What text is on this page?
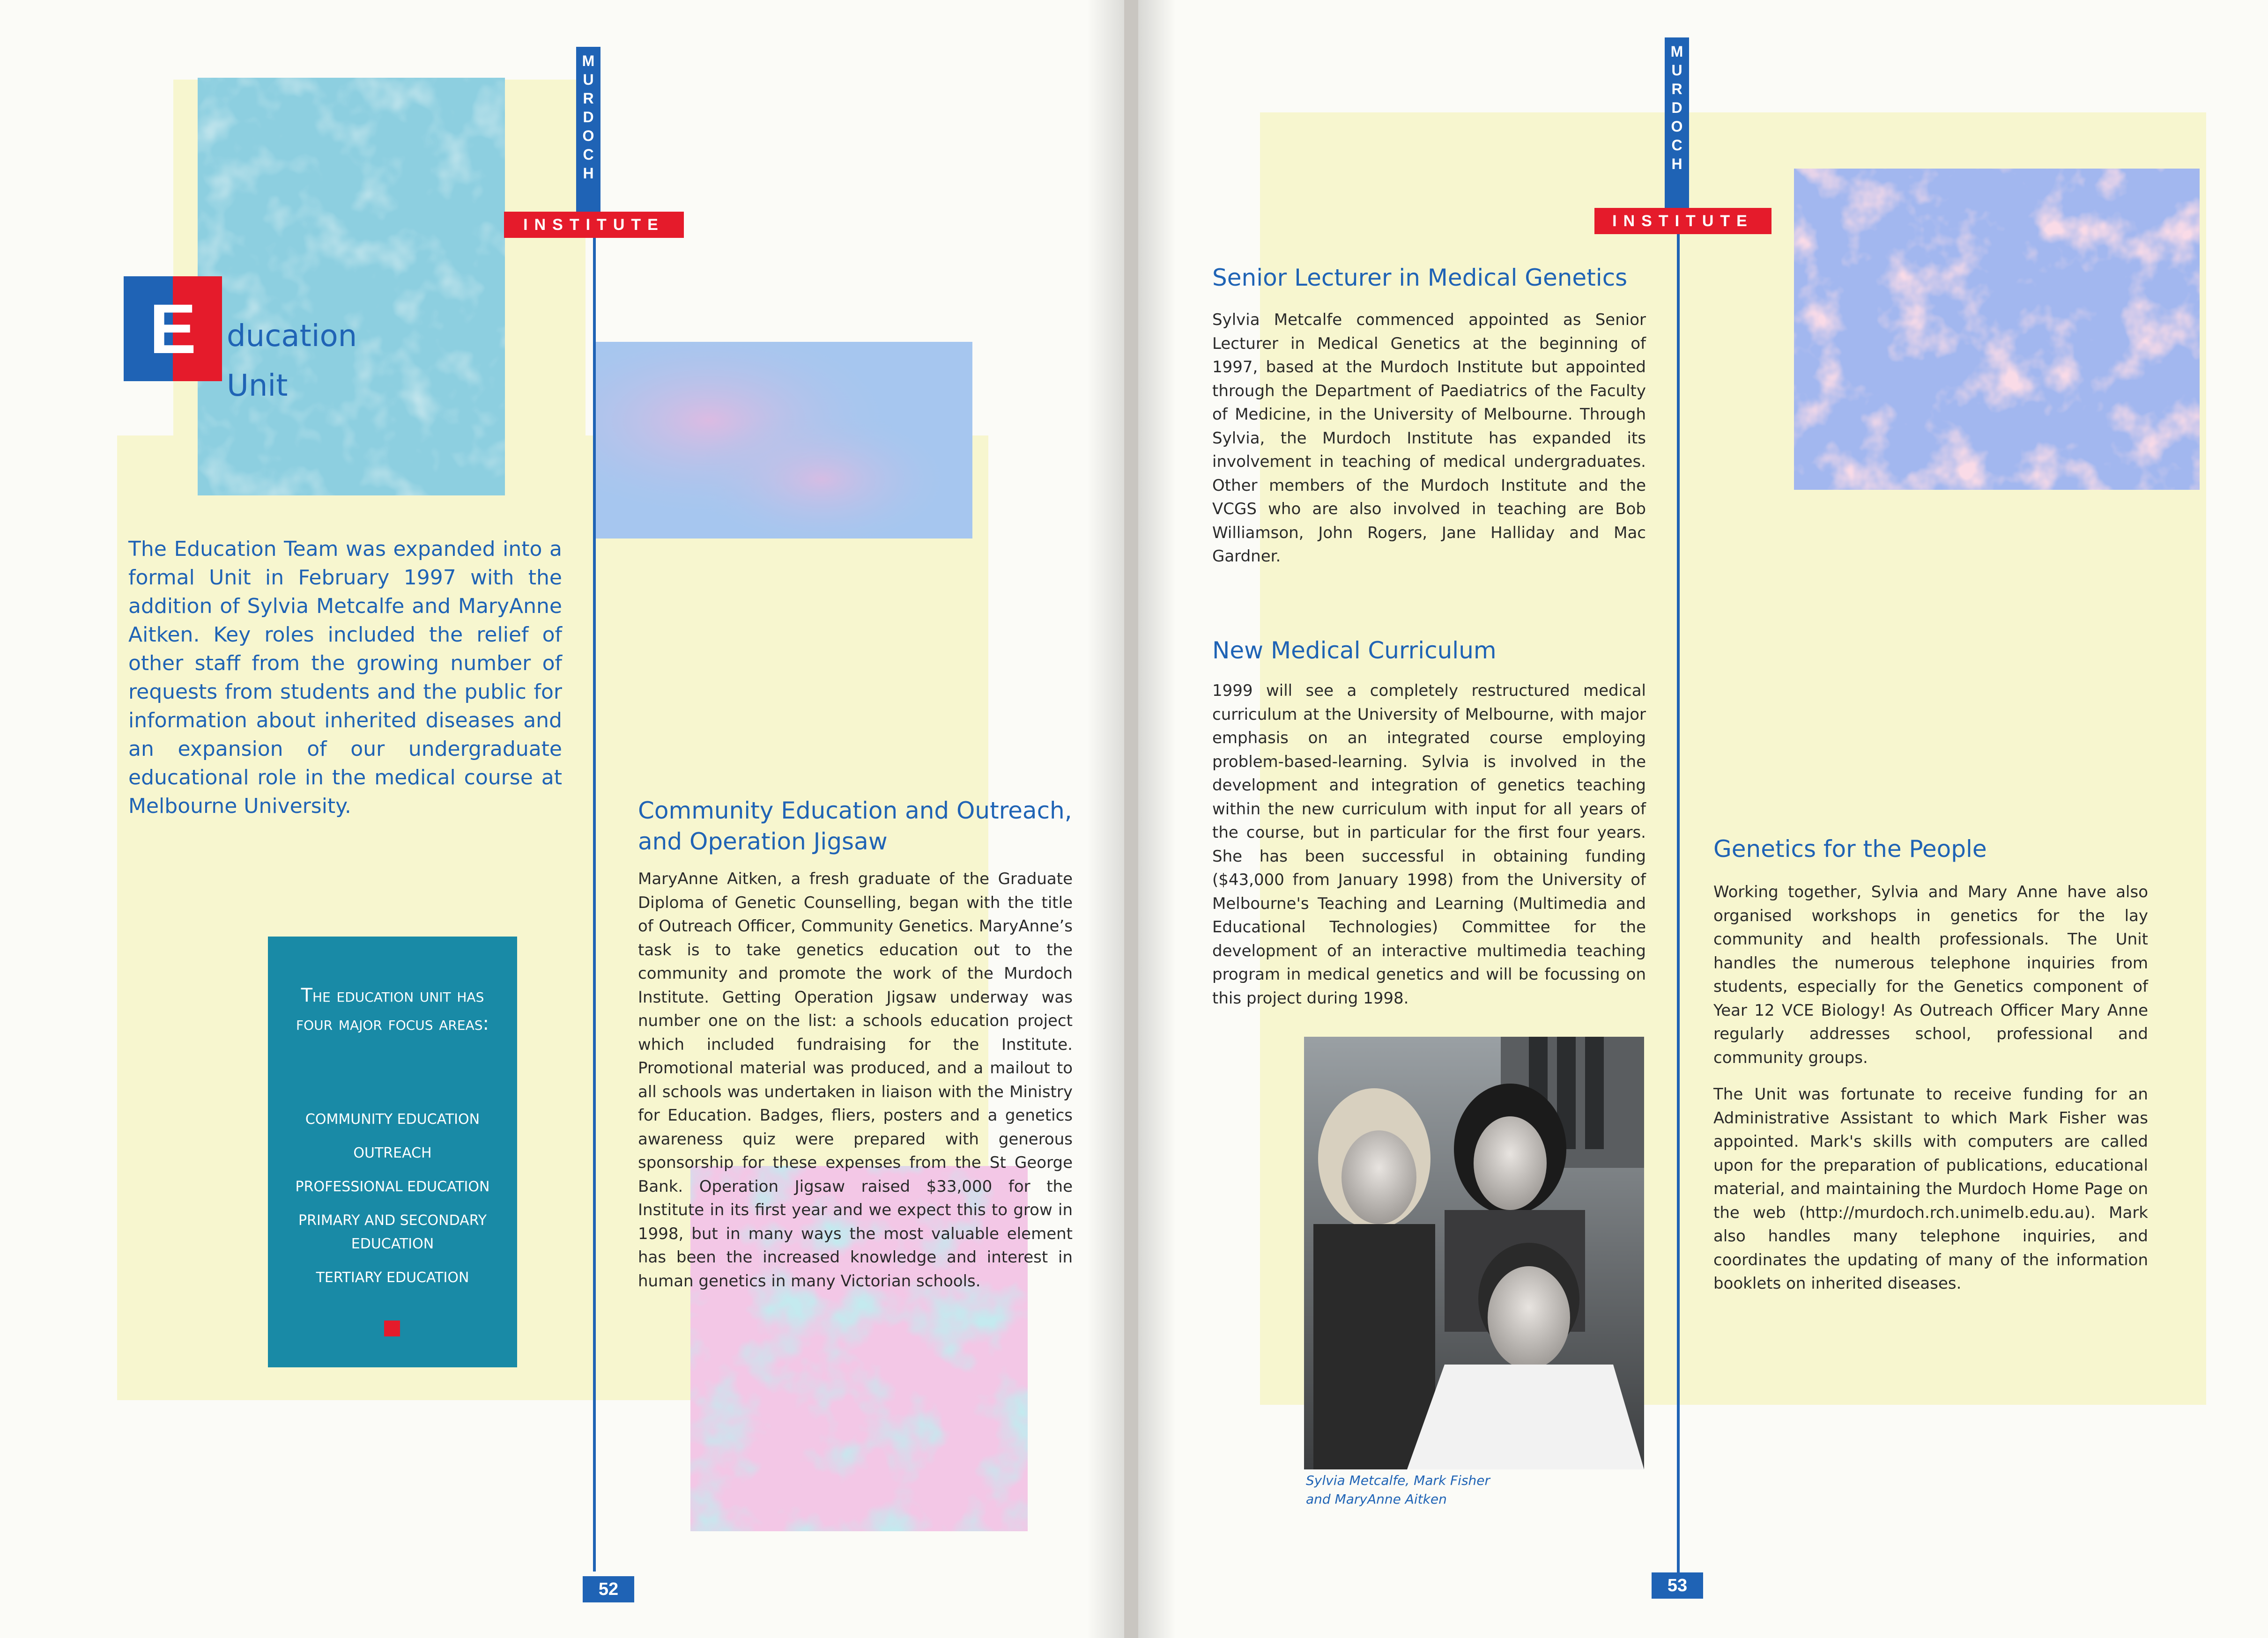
E	ducation
Unit
The Education Team was expanded into a formal Unit in February 1997 with the addition of Sylvia Metcalfe and MaryAnne Aitken. Key roles included the relief of other staff from the growing number of requests from students and the public for information about inherited diseases and an expansion of our undergraduate educational role in the medical course at Melbourne University.
The education unit has four major focus areas:
COMMUNITY EDUCATION
OUTREACH
PROFESSIONAL EDUCATION
PRIMARY AND SECONDARY EDUCATION
TERTIARY EDUCATION
M
U
R
D
O
C
H
INSTITUTE
Community Education and Outreach, and Operation Jigsaw
MaryAnne Aitken, a fresh graduate of the Graduate Diploma of Genetic Counselling, began with the title of Outreach Officer, Community Genetics. MaryAnne’s task is to take genetics education out to the community and promote the work of the Murdoch Institute. Getting Operation Jigsaw underway was number one on the list: a schools education project which included fundraising for the Institute. Promotional material was produced, and a mailout to all schools was undertaken in liaison with the Ministry for Education. Badges, fliers, posters and a genetics awareness quiz were prepared with generous sponsorship for these expenses from the St George Bank. Operation Jigsaw raised $33,000 for the Institute in its first year and we expect this to grow in 1998, but in many ways the most valuable element has been the increased knowledge and interest in human genetics in many Victorian schools.
52
M
U
R
D
O
C
H
INSTITUTE
Senior Lecturer in Medical Genetics
Sylvia Metcalfe commenced appointed as Senior Lecturer in Medical Genetics at the beginning of 1997, based at the Murdoch Institute but appointed through the Department of Paediatrics of the Faculty of Medicine, in the University of Melbourne. Through Sylvia, the Murdoch Institute has expanded its involvement in teaching of medical undergraduates. Other members of the Murdoch Institute and the VCGS who are also involved in teaching are Bob Williamson, John Rogers, Jane Halliday and Mac Gardner.
New Medical Curriculum
1999 will see a completely restructured medical curriculum at the University of Melbourne, with major emphasis on an integrated course employing problem-based-learning. Sylvia is involved in the development and integration of genetics teaching within the new curriculum with input for all years of the course, but in particular for the first four years. She has been successful in obtaining funding ($43,000 from January 1998) from the University of Melbourne's Teaching and Learning (Multimedia and Educational Technologies) Committee for the development of an interactive multimedia teaching program in medical genetics and will be focussing on this project during 1998.
Sylvia Metcalfe, Mark Fisher
and MaryAnne Aitken
Genetics for the People
Working together, Sylvia and Mary Anne have also organised workshops in genetics for the lay community and health professionals. The Unit handles the numerous telephone inquiries from students, especially for the Genetics component of Year 12 VCE Biology! As Outreach Officer Mary Anne regularly addresses school, professional and community groups.
The Unit was fortunate to receive funding for an Administrative Assistant to which Mark Fisher was appointed. Mark's skills with computers are called upon for the preparation of publications, educational material, and maintaining the Murdoch Home Page on the web (http://murdoch.rch.unimelb.edu.au). Mark also handles many telephone inquiries, and coordinates the updating of many of the information booklets on inherited diseases.
53
